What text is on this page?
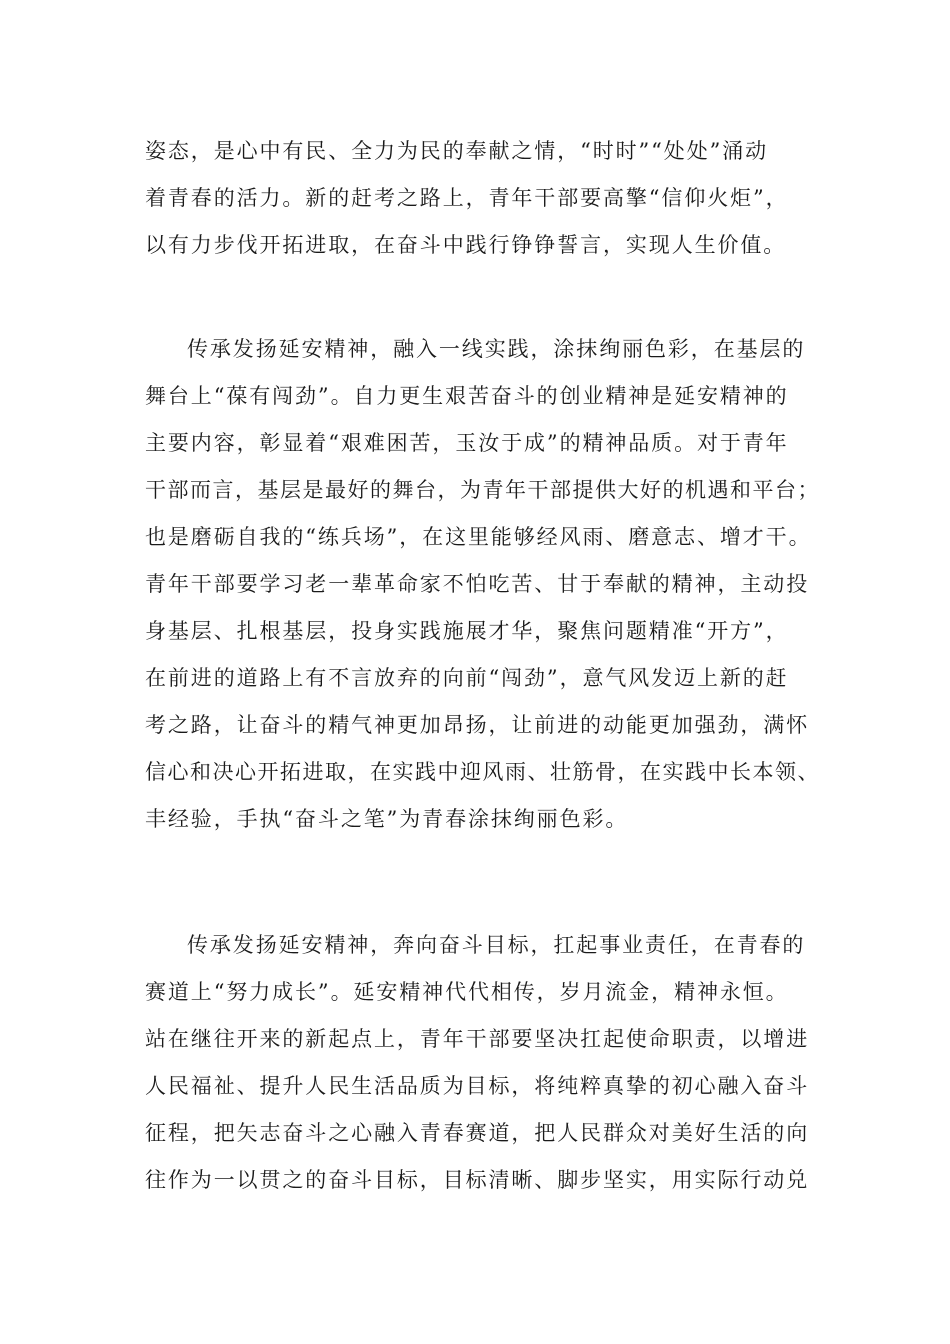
姿态，是心中有民、全力为民的奉献之情，“时时”“处处”涌动
着青春的活力。新的赶考之路上，青年干部要高擎“信仰火炬”，
以有力步伐开拓进取，在奋斗中践行铮铮誓言，实现人生价值。
传承发扬延安精神，融入一线实践，涂抹绚丽色彩，在基层的
舞台上“葆有闯劲”。自力更生艰苦奋斗的创业精神是延安精神的
主要内容，彰显着“艰难困苦，玉汝于成”的精神品质。对于青年
干部而言，基层是最好的舞台，为青年干部提供大好的机遇和平台；
也是磨砺自我的“练兵场”，在这里能够经风雨、磨意志、增才干。
青年干部要学习老一辈革命家不怕吃苦、甘于奉献的精神，主动投
身基层、扎根基层，投身实践施展才华，聚焦问题精准“开方”，
在前进的道路上有不言放弃的向前“闯劲”，意气风发迈上新的赶
考之路，让奋斗的精气神更加昂扬，让前进的动能更加强劲，满怀
信心和决心开拓进取，在实践中迎风雨、壮筋骨，在实践中长本领、
丰经验，手执“奋斗之笔”为青春涂抹绚丽色彩。
传承发扬延安精神，奔向奋斗目标，扛起事业责任，在青春的
赛道上“努力成长”。延安精神代代相传，岁月流金，精神永恒。
站在继往开来的新起点上，青年干部要坚决扛起使命职责，以增进
人民福祉、提升人民生活品质为目标，将纯粹真挚的初心融入奋斗
征程，把矢志奋斗之心融入青春赛道，把人民群众对美好生活的向
往作为一以贯之的奋斗目标，目标清晰、脚步坚实，用实际行动兑
